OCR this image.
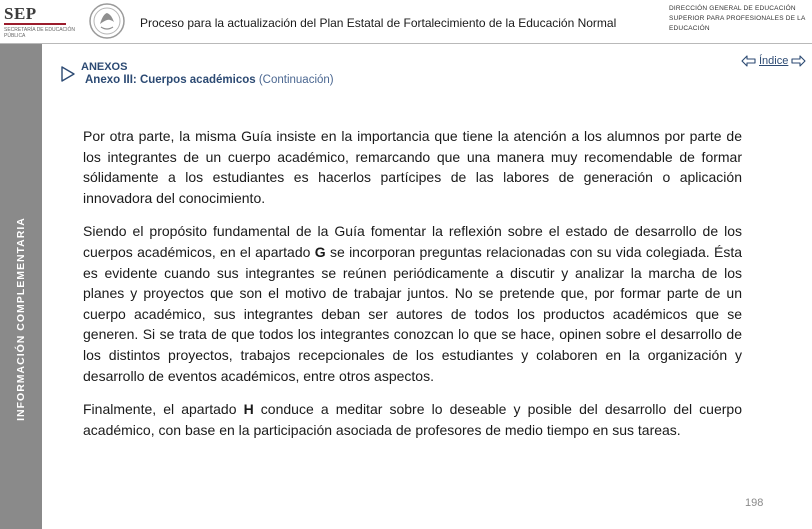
SEP
SECRETARÍA DE EDUCACIÓN PÚBLICA
Proceso para la actualización del Plan Estatal de Fortalecimiento de la Educación Normal
DIRECCIÓN GENERAL DE EDUCACIÓN SUPERIOR PARA PROFESIONALES DE LA EDUCACIÓN
INFORMACIÓN COMPLEMENTARIA
ANEXOS
Anexo III: Cuerpos académicos (Continuación)
Índice

Por otra parte, la misma Guía insiste en la importancia que tiene la atención a los alumnos por parte de los integrantes de un cuerpo académico, remarcando que una manera muy recomendable de formar sólidamente a los estudiantes es hacerlos partícipes de las labores de generación o aplicación innovadora del conocimiento.

Siendo el propósito fundamental de la Guía fomentar la reflexión sobre el estado de desarrollo de los cuerpos académicos, en el apartado G se incorporan preguntas relacionadas con su vida colegiada. Ésta es evidente cuando sus integrantes se reúnen periódicamente a discutir y analizar la marcha de los planes y proyectos que son el motivo de trabajar juntos. No se pretende que, por formar parte de un cuerpo académico, sus integrantes deban ser autores de todos los productos académicos que se generen. Si se trata de que todos los integrantes conozcan lo que se hace, opinen sobre el desarrollo de los distintos proyectos, trabajos recepcionales de los estudiantes y colaboren en la organización y desarrollo de eventos académicos, entre otros aspectos.

Finalmente, el apartado H conduce a meditar sobre lo deseable y posible del desarrollo del cuerpo académico, con base en la participación asociada de profesores de medio tiempo en sus tareas.

198
